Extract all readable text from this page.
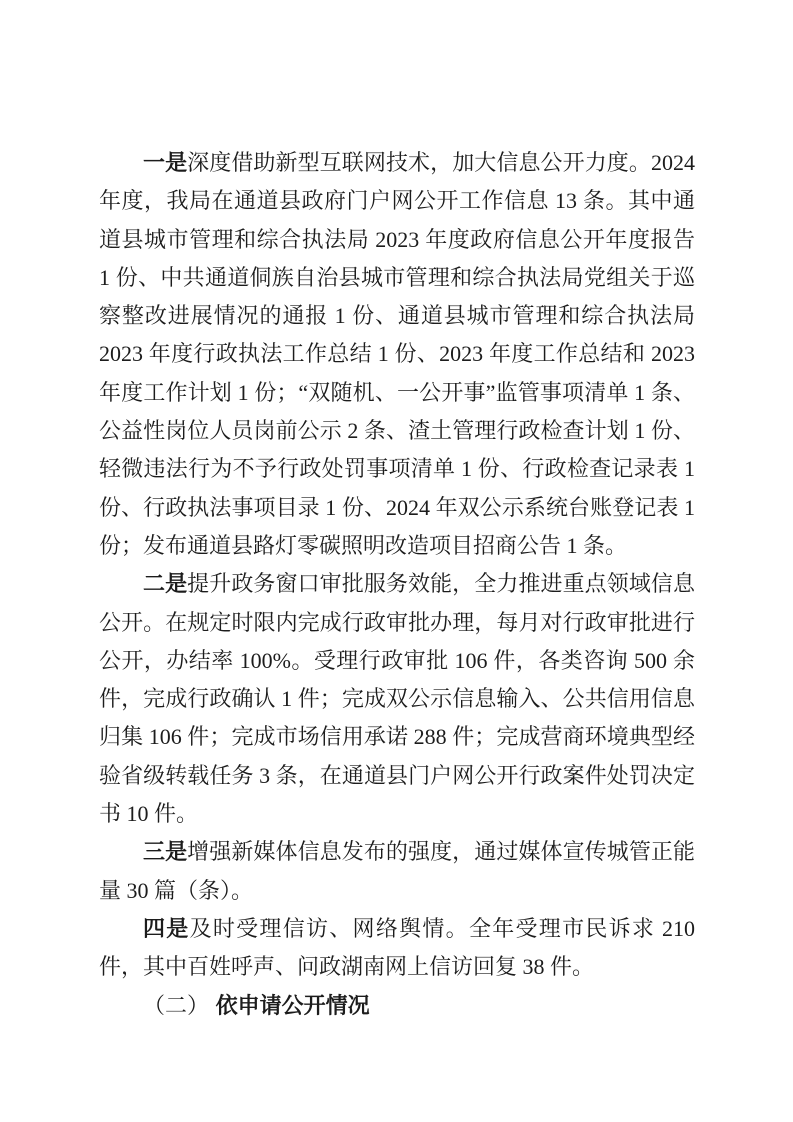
一是深度借助新型互联网技术，加大信息公开力度。2024 年度，我局在通道县政府门户网公开工作信息 13 条。其中通道县城市管理和综合执法局 2023 年度政府信息公开年度报告 1 份、中共通道侗族自治县城市管理和综合执法局党组关于巡察整改进展情况的通报 1 份、通道县城市管理和综合执法局 2023 年度行政执法工作总结 1 份、2023 年度工作总结和 2023 年度工作计划 1 份；“双随机、一公开事”监管事项清单 1 条、公益性岗位人员岗前公示 2 条、渣土管理行政检查计划 1 份、轻微违法行为不予行政处罚事项清单 1 份、行政检查记录表 1 份、行政执法事项目录 1 份、2024 年双公示系统台账登记表 1 份；发布通道县路灯零碳照明改造项目招商公告 1 条。

二是提升政务窗口审批服务效能，全力推进重点领域信息公开。在规定时限内完成行政审批办理，每月对行政审批进行公开，办结率 100%。受理行政审批 106 件，各类咨询 500 余件，完成行政确认 1 件；完成双公示信息输入、公共信用信息归集 106 件；完成市场信用承诺 288 件；完成营商环境典型经验省级转载任务 3 条，在通道县门户网公开行政案件处罚决定书 10 件。

三是增强新媒体信息发布的强度，通过媒体宣传城管正能量 30 篇（条）。

四是及时受理信访、网络舆情。全年受理市民诉求 210 件，其中百姓呼声、问政湖南网上信访回复 38 件。

（二） 依申请公开情况
